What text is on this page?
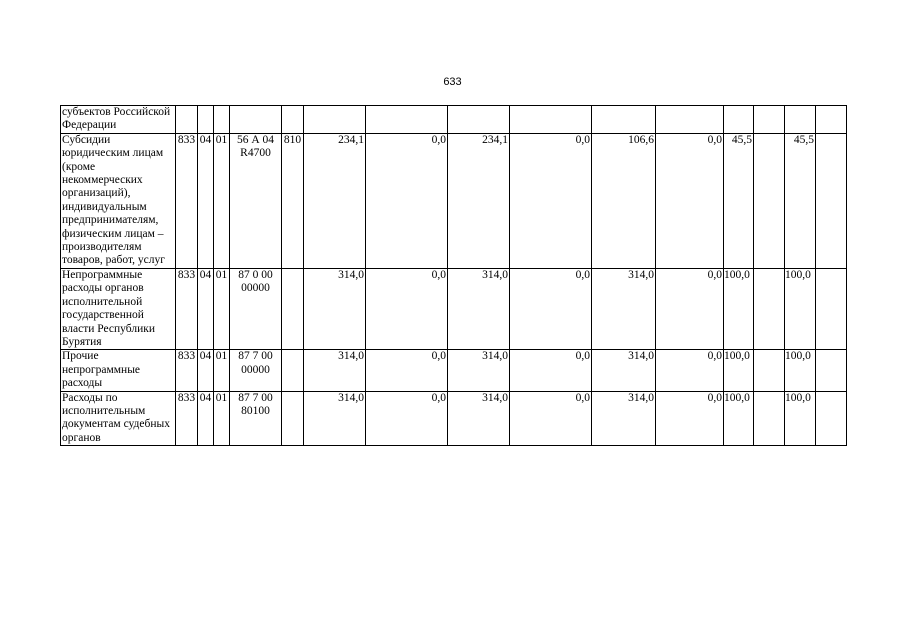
633
субъектов Российской Федерации															
Субсидии юридическим лицам (кроме некоммерческих организаций), индивидуальным предпринимателям, физическим лицам – производителям товаров, работ, услуг	833	04	01	56 А 04 R4700	810	234,1	0,0	234,1	0,0	106,6	0,0	45,5		45,5	
Непрограммные расходы органов исполнительной государственной власти Республики Бурятия	833	04	01	87 0 00 00000		314,0	0,0	314,0	0,0	314,0	0,0	100,0		100,0	
Прочие непрограммные расходы	833	04	01	87 7 00 00000		314,0	0,0	314,0	0,0	314,0	0,0	100,0		100,0	
Расходы по исполнительным документам судебных органов	833	04	01	87 7 00 80100		314,0	0,0	314,0	0,0	314,0	0,0	100,0		100,0	
